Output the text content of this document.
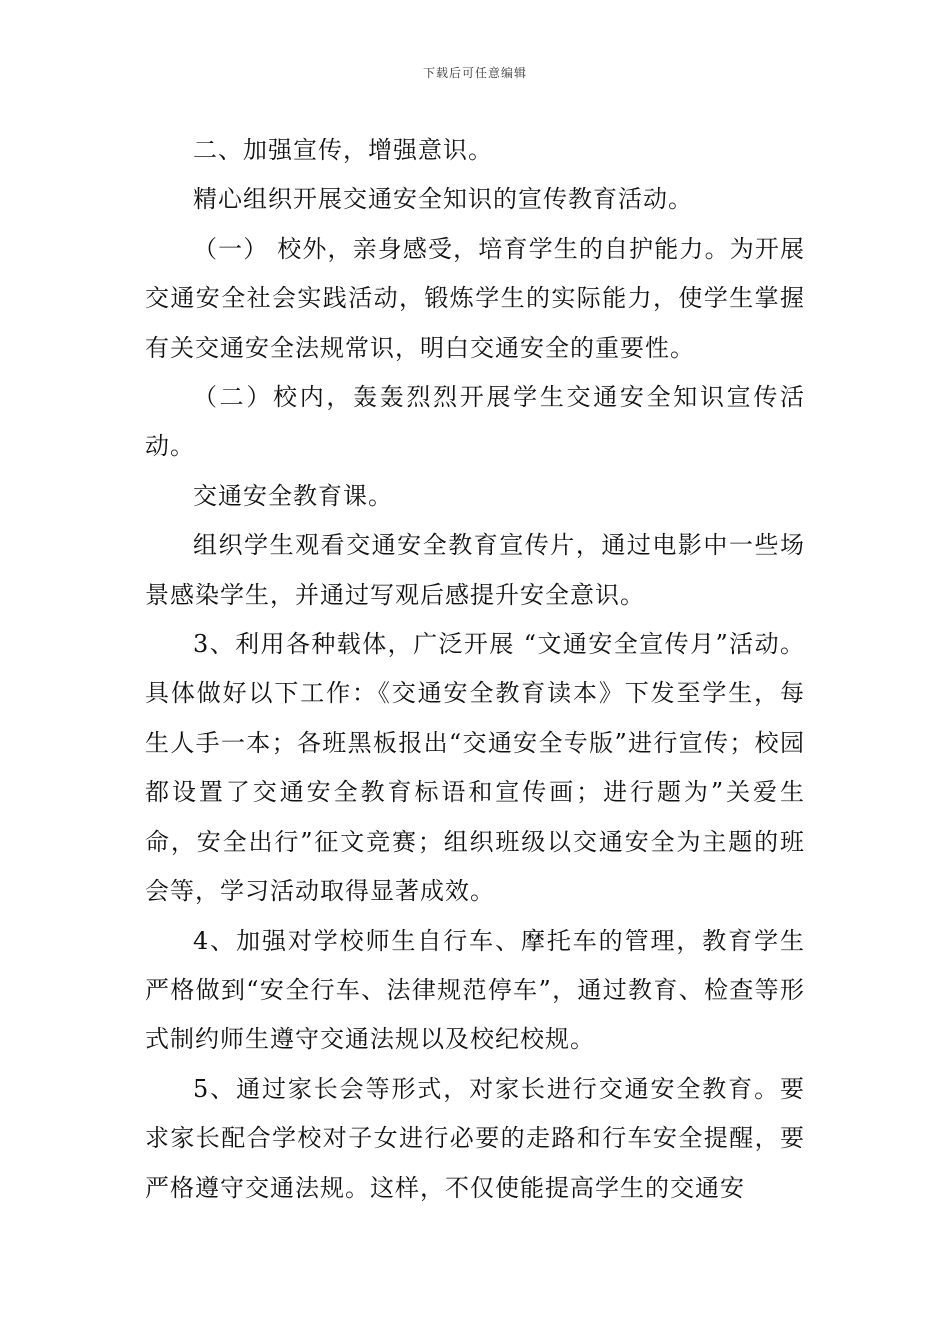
下载后可任意编辑

二、加强宣传，增强意识。

精心组织开展交通安全知识的宣传教育活动。

（一） 校外，亲身感受，培育学生的自护能力。为开展交通安全社会实践活动，锻炼学生的实际能力，使学生掌握有关交通安全法规常识，明白交通安全的重要性。

（二）校内，轰轰烈烈开展学生交通安全知识宣传活动。

交通安全教育课。

组织学生观看交通安全教育宣传片，通过电影中一些场景感染学生，并通过写观后感提升安全意识。

3、利用各种载体，广泛开展 “文通安全宣传月”活动。具体做好以下工作：《交通安全教育读本》下发至学生，每生人手一本；各班黑板报出“交通安全专版”进行宣传；校园都设置了交通安全教育标语和宣传画；进行题为”关爱生命，安全出行”征文竞赛；组织班级以交通安全为主题的班会等，学习活动取得显著成效。

4、加强对学校师生自行车、摩托车的管理，教育学生严格做到“安全行车、法律规范停车”，通过教育、检查等形式制约师生遵守交通法规以及校纪校规。

5、通过家长会等形式，对家长进行交通安全教育。要求家长配合学校对子女进行必要的走路和行车安全提醒，要严格遵守交通法规。这样，不仅使能提高学生的交通安
